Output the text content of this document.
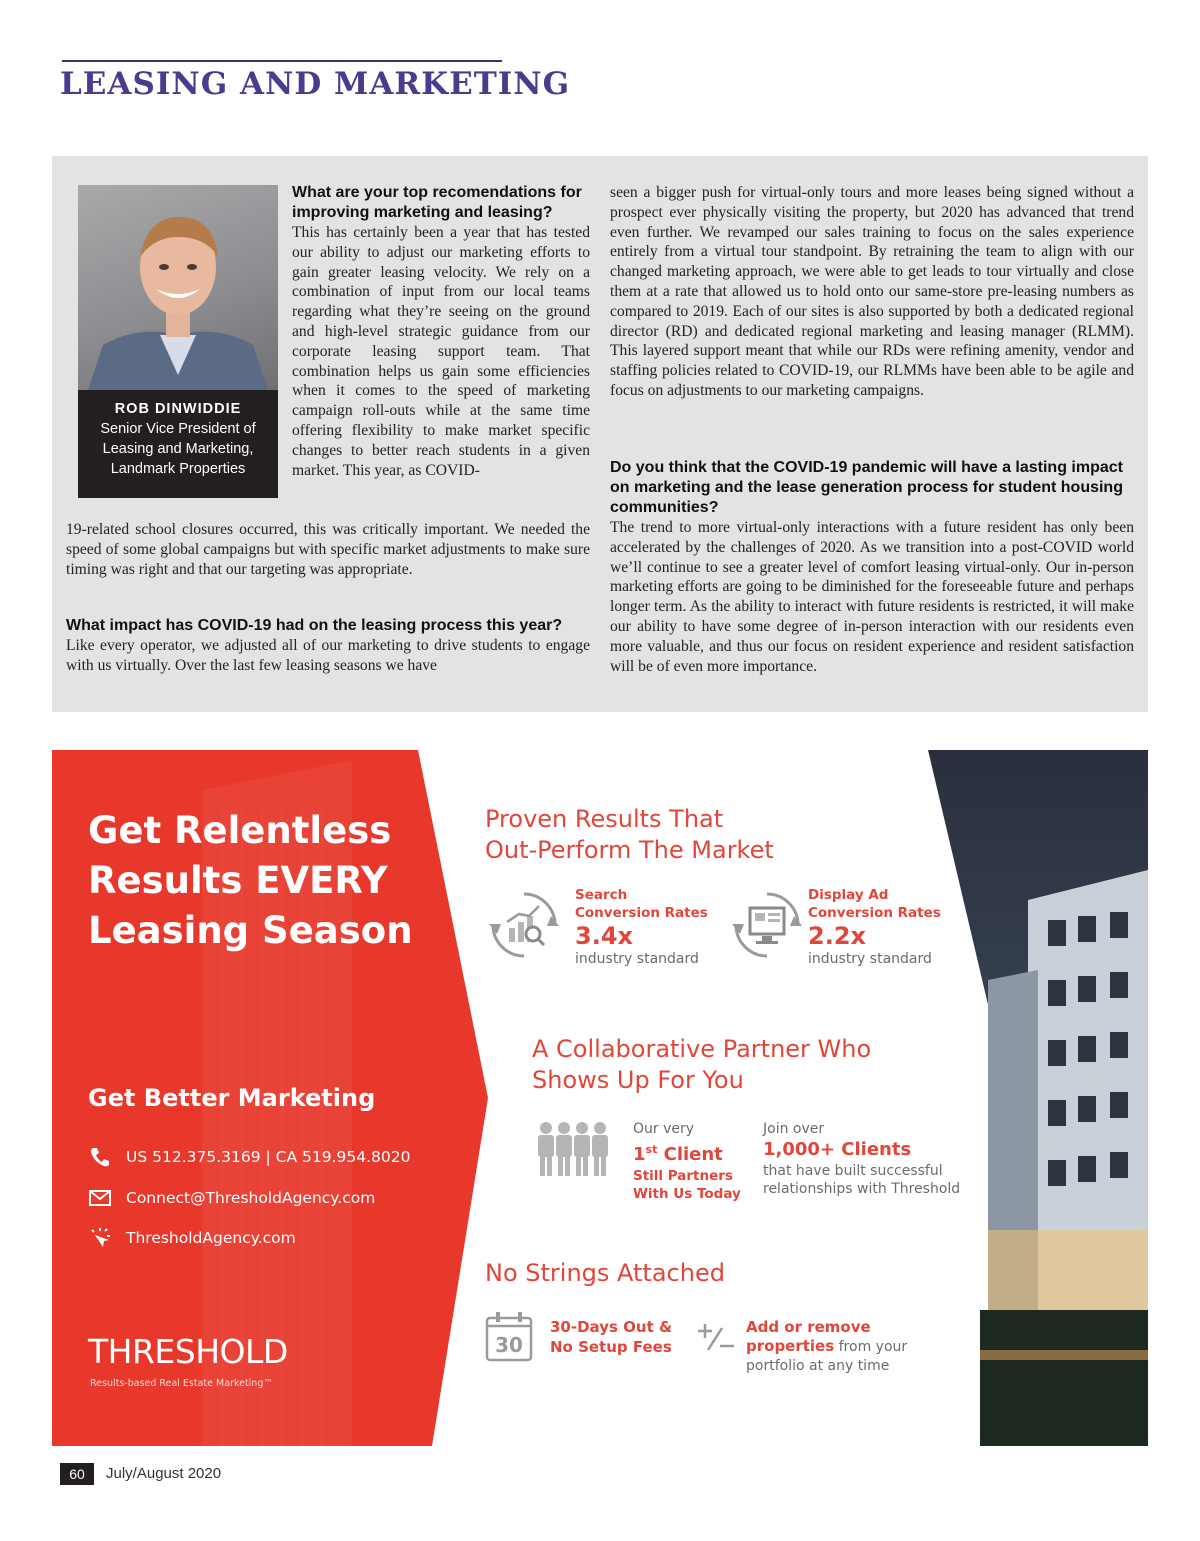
LEASING AND MARKETING
ROB DINWIDDIE
Senior Vice President of
Leasing and Marketing,
Landmark Properties

What are your top recomendations for improving marketing and leasing?

This has certainly been a year that has tested our ability to adjust our marketing efforts to gain greater leasing velocity. We rely on a combination of input from our local teams regarding what they’re seeing on the ground and high-level strategic guidance from our corporate leasing support team. That combination helps us gain some efficiencies when it comes to the speed of marketing campaign roll-outs while at the same time offering flexibility to make market specific changes to better reach students in a given market. This year, as COVID-

19-related school closures occurred, this was critically important. We needed the speed of some global campaigns but with specific market adjustments to make sure timing was right and that our targeting was appropriate.

What impact has COVID-19 had on the leasing process this year?

Like every operator, we adjusted all of our marketing to drive students to engage with us virtually. Over the last few leasing seasons we have

seen a bigger push for virtual-only tours and more leases being signed without a prospect ever physically visiting the property, but 2020 has advanced that trend even further. We revamped our sales training to focus on the sales experience entirely from a virtual tour standpoint. By retraining the team to align with our changed marketing approach, we were able to get leads to tour virtually and close them at a rate that allowed us to hold onto our same-store pre-leasing numbers as compared to 2019. Each of our sites is also supported by both a dedicated regional director (RD) and dedicated regional marketing and leasing manager (RLMM). This layered support meant that while our RDs were refining amenity, vendor and staffing policies related to COVID-19, our RLMMs have been able to be agile and focus on adjustments to our marketing campaigns.

Do you think that the COVID-19 pandemic will have a lasting impact on marketing and the lease generation process for student housing communities?

The trend to more virtual-only interactions with a future resident has only been accelerated by the challenges of 2020. As we transition into a post-COVID world we’ll continue to see a greater level of comfort leasing virtual-only. Our in-person marketing efforts are going to be diminished for the foreseeable future and perhaps longer term. As the ability to interact with future residents is restricted, it will make our ability to have some degree of in-person interaction with our residents even more valuable, and thus our focus on resident experience and resident satisfaction will be of even more importance.

Get Relentless Results EVERY Leasing Season
Get Better Marketing
US 512.375.3169 | CA 519.954.8020
Connect@ThresholdAgency.com
ThresholdAgency.com
THRESHOLD
Results-based Real Estate Marketing™
Proven Results That
Out-Perform The Market
Search
Conversion Rates
3.4x
industry standard
Display Ad
Conversion Rates
2.2x
industry standard
A Collaborative Partner Who
Shows Up For You
Our very
1st Client
Still Partners
With Us Today
Join over
1,000+ Clients
that have built successful
relationships with Threshold
No Strings Attached
30
30-Days Out &
No Setup Fees
Add or remove
properties from your
portfolio at any time
60	July/August 2020
